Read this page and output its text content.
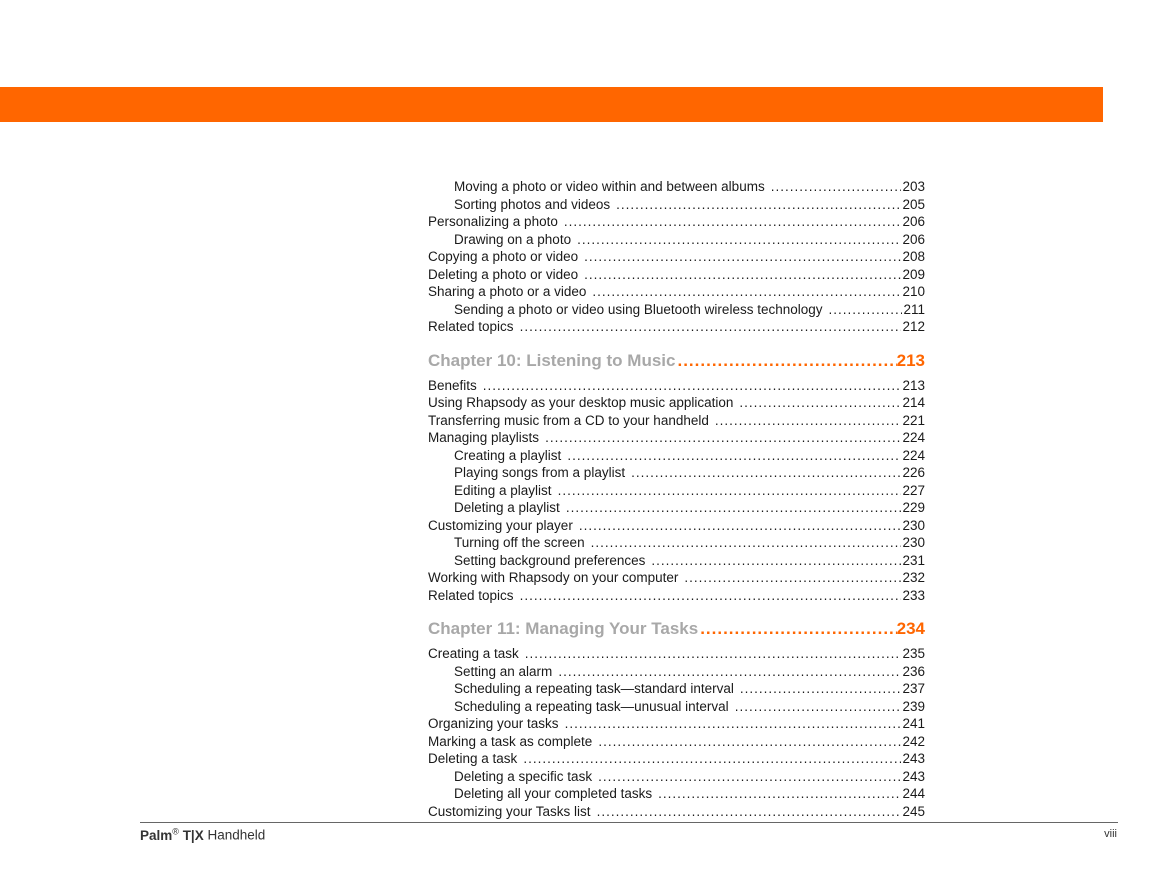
Moving a photo or video within and between albums .....	203
Sorting photos and videos .....	205
Personalizing a photo .....	206
Drawing on a photo .....	206
Copying a photo or video .....	208
Deleting a photo or video .....	209
Sharing a photo or a video .....	210
Sending a photo or video using Bluetooth wireless technology .....	211
Related topics .....	212
Chapter 10: Listening to Music .....	213
Benefits .....	213
Using Rhapsody as your desktop music application .....	214
Transferring music from a CD to your handheld .....	221
Managing playlists .....	224
Creating a playlist .....	224
Playing songs from a playlist .....	226
Editing a playlist .....	227
Deleting a playlist .....	229
Customizing your player .....	230
Turning off the screen .....	230
Setting background preferences .....	231
Working with Rhapsody on your computer .....	232
Related topics .....	233
Chapter 11: Managing Your Tasks .....	234
Creating a task .....	235
Setting an alarm .....	236
Scheduling a repeating task—standard interval .....	237
Scheduling a repeating task—unusual interval .....	239
Organizing your tasks .....	241
Marking a task as complete .....	242
Deleting a task .....	243
Deleting a specific task .....	243
Deleting all your completed tasks .....	244
Customizing your Tasks list .....	245
Palm® T|X Handheld	viii
